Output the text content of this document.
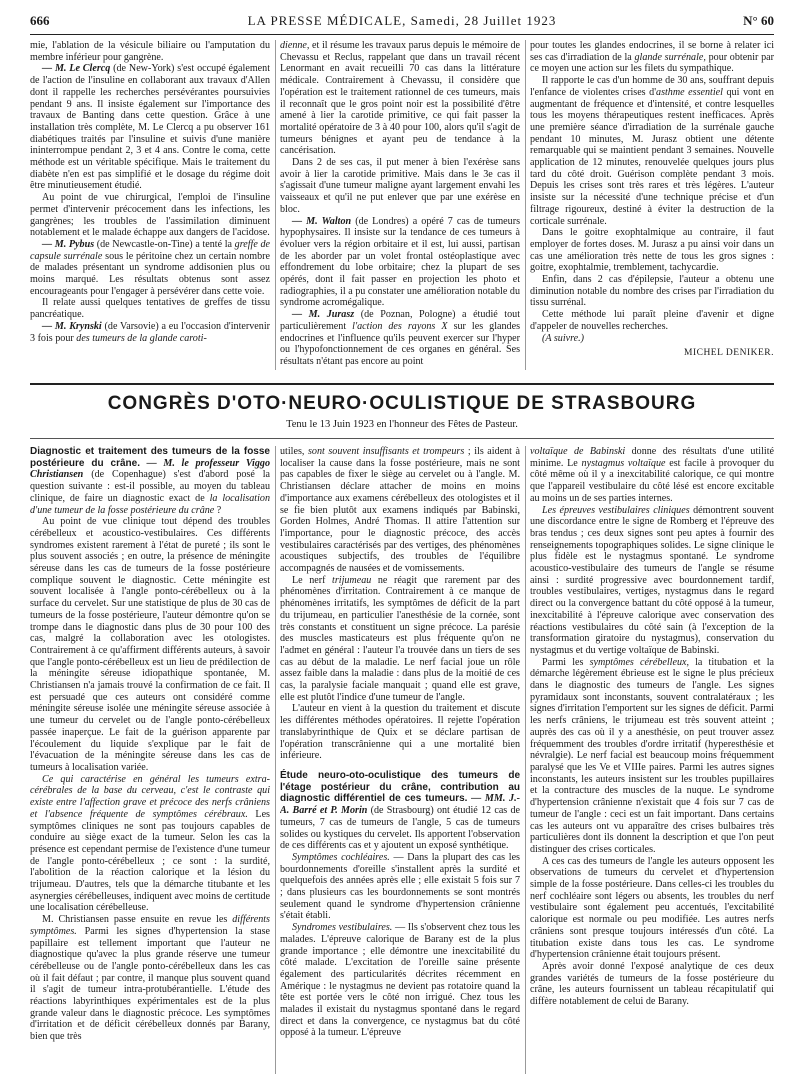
666	LA PRESSE MÉDICALE, Samedi, 28 Juillet 1923	N° 60

mie, l'ablation de la vésicule biliaire ou l'amputation du membre inférieur pour gangrène.

— M. Le Clercq (de New-York) s'est occupé également de l'action de l'insuline en collaborant aux travaux d'Allen dont il rappelle les recherches persévérantes poursuivies pendant 9 ans. Il insiste également sur l'importance des travaux de Banting dans cette question. Grâce à une installation très complète, M. Le Clercq a pu observer 161 diabétiques traités par l'insuline et suivis d'une manière ininterrompue pendant 2, 3 et 4 ans. Contre le coma, cette méthode est un véritable spécifique. Mais le traitement du diabète n'en est pas simplifié et le dosage du régime doit être minutieusement étudié.

Au point de vue chirurgical, l'emploi de l'insuline permet d'intervenir précocement dans les infections, les gangrènes; les troubles de l'assimilation diminuent notablement et le malade échappe aux dangers de l'acidose.

— M. Pybus (de Newcastle-on-Tine) a tenté la greffe de capsule surrénale sous le péritoine chez un certain nombre de malades présentant un syndrome addisonien plus ou moins marqué. Les résultats obtenus sont assez encourageants pour l'engager à persévérer dans cette voie.

Il relate aussi quelques tentatives de greffes de tissu pancréatique.

— M. Krynski (de Varsovie) a eu l'occasion d'intervenir 3 fois pour des tumeurs de la glande caroti-

dienne, et il résume les travaux parus depuis le mémoire de Chevassu et Reclus, rappelant que dans un travail récent Lenormant en avait recueilli 70 cas dans la littérature médicale. Contrairement à Chevassu, il considère que l'opération est le traitement rationnel de ces tumeurs, mais il reconnaît que le gros point noir est la possibilité d'être amené à lier la carotide primitive, ce qui fait passer la mortalité opératoire de 3 à 40 pour 100, alors qu'il s'agit de tumeurs bénignes et ayant peu de tendance à la cancérisation.

Dans 2 de ses cas, il put mener à bien l'exérèse sans avoir à lier la carotide primitive. Mais dans le 3e cas il s'agissait d'une tumeur maligne ayant largement envahi les vaisseaux et qu'il ne put enlever que par une exérèse en bloc.

— M. Walton (de Londres) a opéré 7 cas de tumeurs hypophysaires. Il insiste sur la tendance de ces tumeurs à évoluer vers la région orbitaire et il est, lui aussi, partisan de les aborder par un volet frontal ostéoplastique avec effondrement du lobe orbitaire; chez la plupart de ses opérés, dont il fait passer en projection les photo et radiographies, il a pu constater une amélioration notable du syndrome acromégalique.

— M. Jurasz (de Poznan, Pologne) a étudié tout particulièrement l'action des rayons X sur les glandes endocrines et l'influence qu'ils peuvent exercer sur l'hyper ou l'hypofonctionnement de ces organes en général. Ses résultats n'étant pas encore au point

pour toutes les glandes endocrines, il se borne à relater ici ses cas d'irradiation de la glande surrénale, pour obtenir par ce moyen une action sur les filets du sympathique.

Il rapporte le cas d'un homme de 30 ans, souffrant depuis l'enfance de violentes crises d'asthme essentiel qui vont en augmentant de fréquence et d'intensité, et contre lesquelles tous les moyens thérapeutiques restent inefficaces. Après une première séance d'irradiation de la surrénale gauche pendant 10 minutes, M. Jurasz obtient une détente remarquable qui se maintient pendant 3 semaines. Nouvelle application de 12 minutes, renouvelée quelques jours plus tard du côté droit. Guérison complète pendant 3 mois. Depuis les crises sont très rares et très légères. L'auteur insiste sur la nécessité d'une technique précise et d'un filtrage rigoureux, destiné à éviter la destruction de la corticale surrénale.

Dans le goitre exophtalmique au contraire, il faut employer de fortes doses. M. Jurasz a pu ainsi voir dans un cas une amélioration très nette de tous les gros signes : goitre, exophtalmie, tremblement, tachycardie.

Enfin, dans 2 cas d'épilepsie, l'auteur a obtenu une diminution notable du nombre des crises par l'irradiation du tissu surrénal.

Cette méthode lui paraît pleine d'avenir et digne d'appeler de nouvelles recherches.

(A suivre.)

MICHEL DENIKER.
CONGRÈS D'OTO·NEURO·OCULISTIQUE DE STRASBOURG
Tenu le 13 Juin 1923 en l'honneur des Fêtes de Pasteur.

Diagnostic et traitement des tumeurs de la fosse postérieure du crâne. — M. le professeur Viggo Christiansen (de Copenhague) s'est d'abord posé la question suivante : est-il possible, au moyen du tableau clinique, de faire un diagnostic exact de la localisation d'une tumeur de la fosse postérieure du crâne ?

Au point de vue clinique tout dépend des troubles cérébelleux et acoustico-vestibulaires. Ces différents syndromes existent rarement à l'état de pureté ; ils sont le plus souvent associés ; en outre, la présence de méningite séreuse dans les cas de tumeurs de la fosse postérieure complique souvent le diagnostic. Cette méningite est souvent localisée à l'angle ponto-cérébelleux ou à la surface du cervelet. Sur une statistique de plus de 30 cas de tumeurs de la fosse postérieure, l'auteur démontre qu'on se trompe dans le diagnostic dans plus de 30 pour 100 des cas, malgré la collaboration avec les otologistes. Contrairement à ce qu'affirment différents auteurs, à savoir que l'angle ponto-cérébelleux est un lieu de prédilection de la méningite séreuse idiopathique spontanée, M. Christiansen n'a jamais trouvé la confirmation de ce fait. Il est persuadé que ces auteurs ont considéré comme méningite séreuse isolée une méningite séreuse associée à une tumeur du cervelet ou de l'angle ponto-cérébelleux passée inaperçue. Le fait de la guérison apparente par l'écoulement du liquide s'explique par le fait de l'évacuation de la méningite séreuse dans les cas de tumeurs à localisation variée.

Ce qui caractérise en général les tumeurs extra-cérébrales de la base du cerveau, c'est le contraste qui existe entre l'affection grave et précoce des nerfs crâniens et l'absence fréquente de symptômes cérébraux. Les symptômes cliniques ne sont pas toujours capables de conduire au siège exact de la tumeur. Selon les cas la présence est cependant permise de l'existence d'une tumeur de l'angle ponto-cérébelleux ; ce sont : la surdité, l'abolition de la réaction calorique et la lésion du trijumeau. D'autres, tels que la démarche titubante et les asynergies cérébelleuses, indiquent avec moins de certitude une localisation cérébelleuse.

M. Christiansen passe ensuite en revue les différents symptômes. Parmi les signes d'hypertension la stase papillaire est tellement important que l'auteur ne diagnostique qu'avec la plus grande réserve une tumeur cérébelleuse ou de l'angle ponto-cérébelleux dans les cas où il fait défaut ; par contre, il manque plus souvent quand il s'agit de tumeur intra-protubérantielle. L'étude des réactions labyrinthiques expérimentales est de la plus grande valeur dans le diagnostic précoce. Les symptômes d'irritation et de déficit cérébelleux donnés par Barany, bien que très

utiles, sont souvent insuffisants et trompeurs ; ils aident à localiser la cause dans la fosse postérieure, mais ne sont pas capables de fixer le siège au cervelet ou à l'angle. M. Christiansen déclare attacher de moins en moins d'importance aux examens cérébelleux des otologistes et il se fie bien plutôt aux examens indiqués par Babinski, Gorden Holmes, André Thomas. Il attire l'attention sur l'importance, pour le diagnostic précoce, des accès vestibulaires caractérisés par des vertiges, des phénomènes acoustiques subjectifs, des troubles de l'équilibre accompagnés de nausées et de vomissements.

Le nerf trijumeau ne réagit que rarement par des phénomènes d'irritation. Contrairement à ce manque de phénomènes irritatifs, les symptômes de déficit de la part du trijumeau, en particulier l'anesthésie de la cornée, sont très constants et constituent un signe précoce. La parésie des muscles masticateurs est plus fréquente qu'on ne l'admet en général : l'auteur l'a trouvée dans un tiers de ses cas au début de la maladie. Le nerf facial joue un rôle assez faible dans la maladie : dans plus de la moitié de ces cas, la paralysie faciale manquait ; quand elle est grave, elle est plutôt l'indice d'une tumeur de l'angle.

L'auteur en vient à la question du traitement et discute les différentes méthodes opératoires. Il rejette l'opération translabyrinthique de Quix et se déclare partisan de l'opération transcrânienne qui a une mortalité bien inférieure.

Étude neuro-oto-oculistique des tumeurs de l'étage postérieur du crâne, contribution au diagnostic différentiel de ces tumeurs. — MM. J.-A. Barré et P. Morin (de Strasbourg) ont étudié 12 cas de tumeurs, 7 cas de tumeurs de l'angle, 5 cas de tumeurs solides ou kystiques du cervelet. Ils apportent l'observation de ces différents cas et y ajoutent un exposé synthétique.

Symptômes cochléaires. — Dans la plupart des cas les bourdonnements d'oreille s'installent après la surdité et quelquefois des années après elle ; elle existait 5 fois sur 7 ; dans plusieurs cas les bourdonnements se sont montrés seulement quand le syndrome d'hypertension crânienne s'était établi.

Syndromes vestibulaires. — Ils s'observent chez tous les malades. L'épreuve calorique de Barany est de la plus grande importance ; elle démontre une inexcitabilité du côté malade. L'excitation de l'oreille saine présente également des particularités décrites récemment en Amérique : le nystagmus ne devient pas rotatoire quand la tête est portée vers le côté non irrigué. Chez tous les malades il existait du nystagmus spontané dans le regard direct et dans la convergence, ce nystagmus bat du côté opposé à la tumeur. L'épreuve

voltaïque de Babinski donne des résultats d'une utilité minime. Le nystagmus voltaïque est facile à provoquer du côté même où il y a inexcitabilité calorique, ce qui montre que l'appareil vestibulaire du côté lésé est encore excitable au moins un de ses parties internes.

Les épreuves vestibulaires cliniques démontrent souvent une discordance entre le signe de Romberg et l'épreuve des bras tendus ; ces deux signes sont peu aptes à fournir des renseignements topographiques solides. Le signe clinique le plus fidèle est le nystagmus spontané. Le syndrome acoustico-vestibulaire des tumeurs de l'angle se résume ainsi : surdité progressive avec bourdonnement tardif, troubles vestibulaires, vertiges, nystagmus dans le regard direct ou la convergence battant du côté opposé à la tumeur, inexcitabilité à l'épreuve calorique avec conservation des réactions vestibulaires du côté sain (à l'exception de la transformation giratoire du nystagmus), conservation du nystagmus et du vertige voltaïque de Babinski.

Parmi les symptômes cérébelleux, la titubation et la démarche légèrement ébrieuse est le signe le plus précieux dans le diagnostic des tumeurs de l'angle. Les signes pyramidaux sont inconstants, souvent contralatéraux ; les signes d'irritation l'emportent sur les signes de déficit. Parmi les nerfs crâniens, le trijumeau est très souvent atteint ; auprès des cas où il y a anesthésie, on peut trouver assez fréquemment des troubles d'ordre irritatif (hyperesthésie et névralgie). Le nerf facial est beaucoup moins fréquemment paralysé que les Ve et VIIIe paires. Parmi les autres signes inconstants, les auteurs insistent sur les troubles pupillaires et la contracture des muscles de la nuque. Le syndrome d'hypertension crânienne n'existait que 4 fois sur 7 cas de tumeur de l'angle : ceci est un fait important. Dans certains cas les auteurs ont vu apparaître des crises bulbaires très particulières dont ils donnent la description et que l'on peut distinguer des crises corticales.

A ces cas des tumeurs de l'angle les auteurs opposent les observations de tumeurs du cervelet et d'hypertension simple de la fosse postérieure. Dans celles-ci les troubles du nerf cochléaire sont légers ou absents, les troubles du nerf vestibulaire sont également peu accentués, l'excitabilité calorique est normale ou peu modifiée. Les autres nerfs crâniens sont presque toujours intéressés d'un côté. La titubation existe dans tous les cas. Le syndrome d'hypertension crânienne était toujours présent.

Après avoir donné l'exposé analytique de ces deux grandes variétés de tumeurs de la fosse postérieure du crâne, les auteurs fournissent un tableau récapitulatif qui diffère notablement de celui de Barany.
